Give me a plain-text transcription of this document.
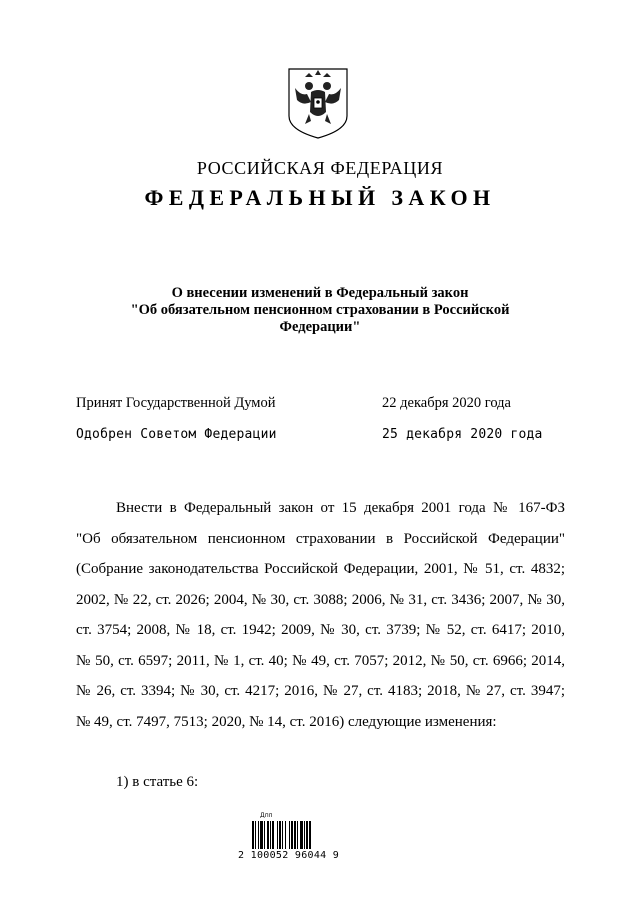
РОССИЙСКАЯ ФЕДЕРАЦИЯ
ФЕДЕРАЛЬНЫЙ ЗАКОН
О внесении изменений в Федеральный закон
"Об обязательном пенсионном страховании в Российской
Федерации"
Принят Государственной Думой	22 декабря 2020 года
Одобрен Советом Федерации	25 декабря 2020 года
Внести в Федеральный закон от 15 декабря 2001 года № 167-ФЗ
"Об обязательном пенсионном страховании в Российской Федерации"
(Собрание законодательства Российской Федерации, 2001, № 51, ст. 4832;
2002, № 22, ст. 2026; 2004, № 30, ст. 3088; 2006, № 31, ст. 3436; 2007, № 30,
ст. 3754; 2008, № 18, ст. 1942; 2009, № 30, ст. 3739; № 52, ст. 6417; 2010,
№ 50, ст. 6597; 2011, № 1, ст. 40; № 49, ст. 7057; 2012, № 50, ст. 6966; 2014,
№ 26, ст. 3394; № 30, ст. 4217; 2016, № 27, ст. 4183; 2018, № 27, ст. 3947;
№ 49, ст. 7497, 7513; 2020, № 14, ст. 2016) следующие изменения:
1) в статье 6:
Дпп
2 100052 96044 9
